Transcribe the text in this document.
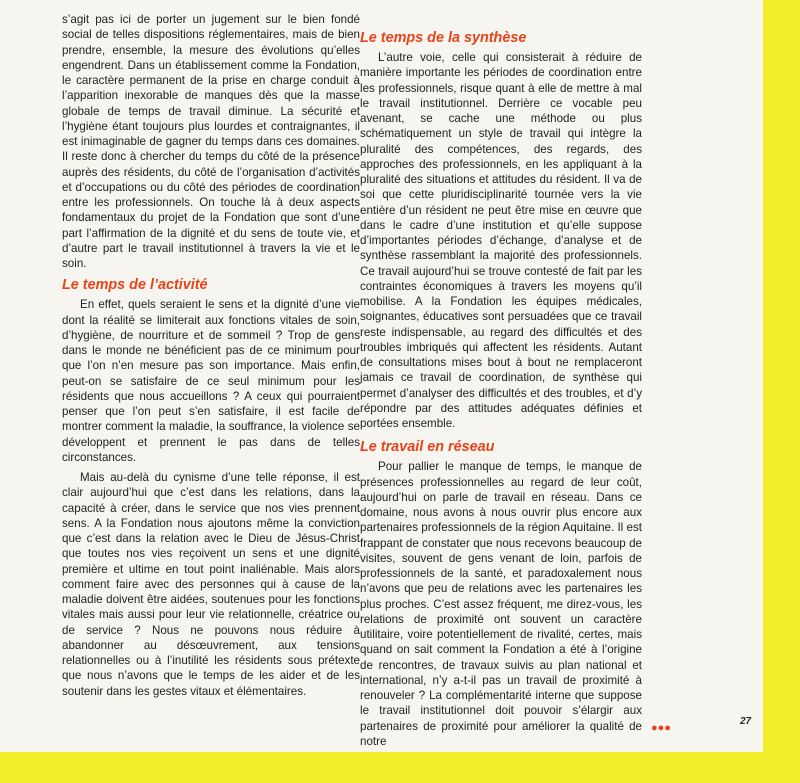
s’agit pas ici de porter un jugement sur le bien fondé social de telles dispositions réglementaires, mais de bien prendre, ensemble, la mesure des évolutions qu’elles engendrent. Dans un établissement comme la Fondation, le caractère permanent de la prise en charge conduit à l’apparition inexorable de manques dès que la masse globale de temps de travail diminue. La sécurité et l’hygiène étant toujours plus lourdes et contraignantes, il est inimaginable de gagner du temps dans ces domaines. Il reste donc à chercher du temps du côté de la présence auprès des résidents, du côté de l’organisation d’activités et d’occupations ou du côté des périodes de coordination entre les professionnels. On touche là à deux aspects fondamentaux du projet de la Fondation que sont d’une part l’affirmation de la dignité et du sens de toute vie, et d’autre part le travail institutionnel à travers la vie et le soin.

Le temps de l’activité

En effet, quels seraient le sens et la dignité d’une vie dont la réalité se limiterait aux fonctions vitales de soin, d’hygiène, de nourriture et de sommeil ? Trop de gens dans le monde ne bénéficient pas de ce minimum pour que l’on n’en mesure pas son importance. Mais enfin, peut-on se satisfaire de ce seul minimum pour les résidents que nous accueillons ? A ceux qui pourraient penser que l’on peut s’en satisfaire, il est facile de montrer comment la maladie, la souffrance, la violence se développent et prennent le pas dans de telles circonstances.

Mais au-delà du cynisme d’une telle réponse, il est clair aujourd’hui que c’est dans les relations, dans la capacité à créer, dans le service que nos vies prennent sens. A la Fondation nous ajoutons même la conviction que c’est dans la relation avec le Dieu de Jésus-Christ que toutes nos vies reçoivent un sens et une dignité première et ultime en tout point inaliénable. Mais alors comment faire avec des personnes qui à cause de la maladie doivent être aidées, soutenues pour les fonctions vitales mais aussi pour leur vie relationnelle, créatrice ou de service ? Nous ne pouvons nous réduire à abandonner au désœuvrement, aux tensions relationnelles ou à l’inutilité les résidents sous prétexte que nous n’avons que le temps de les aider et de les soutenir dans les gestes vitaux et élémentaires.

Le temps de la synthèse

L’autre voie, celle qui consisterait à réduire de manière importante les périodes de coordination entre les professionnels, risque quant à elle de mettre à mal le travail institutionnel. Derrière ce vocable peu avenant, se cache une méthode ou plus schématiquement un style de travail qui intègre la pluralité des compétences, des regards, des approches des professionnels, en les appliquant à la pluralité des situations et attitudes du résident. Il va de soi que cette pluridisciplinarité tournée vers la vie entière d’un résident ne peut être mise en œuvre que dans le cadre d’une institution et qu’elle suppose d’importantes périodes d’échange, d’analyse et de synthèse rassemblant la majorité des professionnels. Ce travail aujourd’hui se trouve contesté de fait par les contraintes économiques à travers les moyens qu’il mobilise. A la Fondation les équipes médicales, soignantes, éducatives sont persuadées que ce travail reste indispensable, au regard des difficultés et des troubles imbriqués qui affectent les résidents. Autant de consultations mises bout à bout ne remplaceront jamais ce travail de coordination, de synthèse qui permet d’analyser des difficultés et des troubles, et d’y répondre par des attitudes adéquates définies et portées ensemble.

Le travail en réseau

Pour pallier le manque de temps, le manque de présences professionnelles au regard de leur coût, aujourd’hui on parle de travail en réseau. Dans ce domaine, nous avons à nous ouvrir plus encore aux partenaires professionnels de la région Aquitaine. Il est frappant de constater que nous recevons beaucoup de visites, souvent de gens venant de loin, parfois de professionnels de la santé, et paradoxalement nous n’avons que peu de relations avec les partenaires les plus proches. C’est assez fréquent, me direz-vous, les relations de proximité ont souvent un caractère utilitaire, voire potentiellement de rivalité, certes, mais quand on sait comment la Fondation a été à l’origine de rencontres, de travaux suivis au plan national et international, n’y a-t-il pas un travail de proximité à renouveler ? La complémentarité interne que suppose le travail institutionnel doit pouvoir s’élargir aux partenaires de proximité pour améliorer la qualité de notre

●●●
27
